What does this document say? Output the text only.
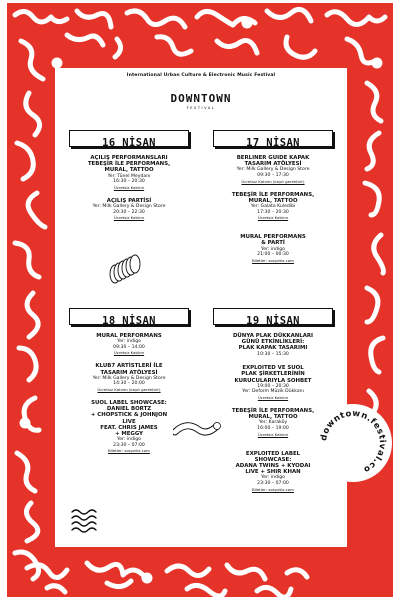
International Urban Culture & Electronic Music Festival
DOWNTOWN
FESTIVAL
16 NİSAN
AÇILIŞ PERFORMANSLARI
TEBEŞİR İLE PERFORMANS,
MURAL, TATTOO
Yer: Tünel Meydanı
16:30 – 20:30
Ücretsiz Katılım
AÇILIŞ PARTİSİ
Yer: Milk Gallery & Design Store
20:30 – 22:30
Ücretsiz Katılım
17 NİSAN
BERLINER GUIDE KAPAK
TASARIM ATÖLYESİ
Yer: Milk Gallery & Design Store
09:30 – 17:30
Ücretsiz Katılım (kayıt gerektirir)
TEBEŞİR İLE PERFORMANS,
MURAL, TATTOO
Yer: Galata Kuledibi
17:30 – 20:30
Ücretsiz Katılım
MURAL PERFORMANS
& PARTİ
Yer: indigo
21:00 – 00:30
Biletler: sosyotix.com
18 NİSAN
MURAL PERFORMANS
Yer: indigo
09:30 – 14:00
Ücretsiz Katılım
KLUB7 ARTİSTLERİ İLE
TASARIM ATÖLYESİ
Yer: Milk Gallery & Design Store
14:30 – 20:00
Ücretsiz Katılım (kayıt gerektirir)
SUOL LABEL SHOWCASE:
DANIEL BORTZ
+ CHOPSTICK & JOHNJON
LIVE
FEAT. CHRIS JAMES
+ MEGGY
Yer: indigo
23:30 – 07:00
Biletler: sosyotix.com
19 NİSAN
DÜNYA PLAK DÜKKANLARI
GÜNÜ ETKİNLİKLERİ:
PLAK KAPAK TASARIMI
10:30 – 15:30
EXPLOITED VE SUOL
PLAK ŞİRKETLERİNİN
KURUCULARIYLA SOHBET
19:00 – 20:30
Yer: Deform Müzik Dükkanı
Ücretsiz Katılım
TEBEŞİR İLE PERFORMANS,
MURAL, TATTOO
Yer: Karaköy
16:00 – 19:00
Ücretsiz Katılım
EXPLOITED LABEL
SHOWCASE:
ADANA TWINS + KYODAI
LIVE + SHIR KHAN
Yer: indigo
23:30 – 07:00
Biletler: sosyotix.com
downtown.festival.co
